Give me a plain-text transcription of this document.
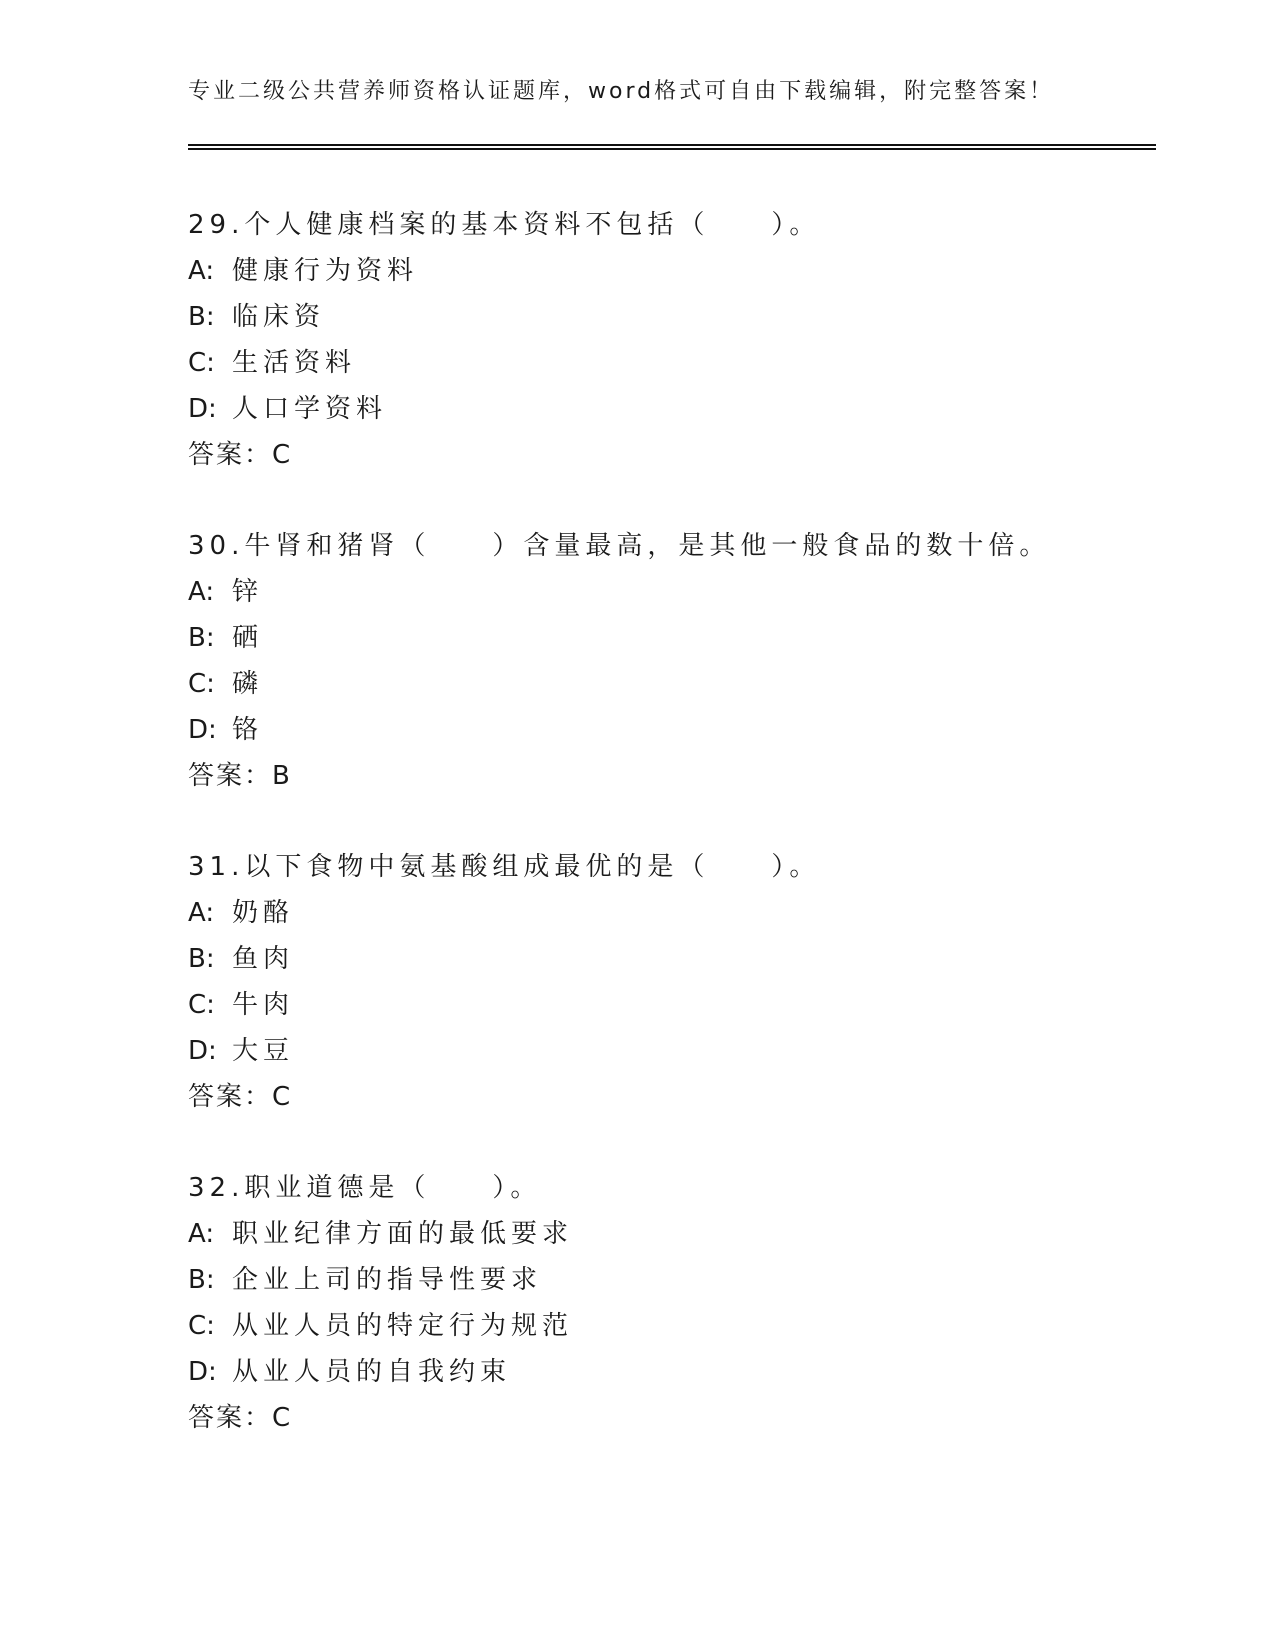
专业二级公共营养师资格认证题库，word格式可自由下载编辑，附完整答案！
29.个人健康档案的基本资料不包括（　　）。
A: 健康行为资料
B: 临床资
C: 生活资料
D: 人口学资料
答案：C
30.牛肾和猪肾（　　）含量最高，是其他一般食品的数十倍。
A: 锌
B: 硒
C: 磷
D: 铬
答案：B
31.以下食物中氨基酸组成最优的是（　　）。
A: 奶酪
B: 鱼肉
C: 牛肉
D: 大豆
答案：C
32.职业道德是（　　）。
A: 职业纪律方面的最低要求
B: 企业上司的指导性要求
C: 从业人员的特定行为规范
D: 从业人员的自我约束
答案：C
